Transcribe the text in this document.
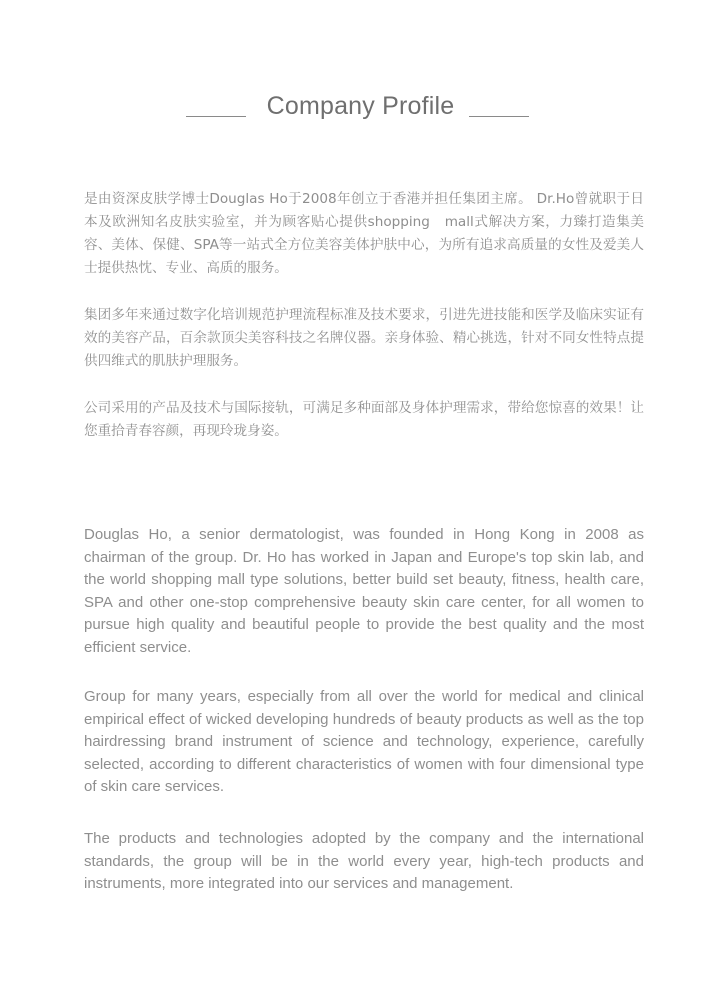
Company Profile

是由资深皮肤学博士Douglas Ho于2008年创立于香港并担任集团主席。 Dr.Ho曾就职于日本及欧洲知名皮肤实验室，并为顾客贴心提供shopping　mall式解决方案，力臻打造集美容、美体、保健、SPA等一站式全方位美容美体护肤中心，为所有追求高质量的女性及爱美人士提供热忱、专业、高质的服务。

集团多年来通过数字化培训规范护理流程标准及技术要求，引进先进技能和医学及临床实证有效的美容产品，百余款顶尖美容科技之名牌仪器。亲身体验、精心挑选，针对不同女性特点提供四维式的肌肤护理服务。

公司采用的产品及技术与国际接轨，可满足多种面部及身体护理需求，带给您惊喜的效果！让您重拾青春容颜，再现玲珑身姿。

Douglas Ho, a senior dermatologist, was founded in Hong Kong in 2008 as chairman of the group. Dr. Ho has worked in Japan and Europe's top skin lab, and the world shopping mall type solutions, better build set beauty, fitness, health care, SPA and other one-stop comprehensive beauty skin care center, for all women to pursue high quality and beautiful people to provide the best quality and the most efficient service.

Group for many years, especially from all over the world for medical and clinical empirical effect of wicked developing hundreds of beauty products as well as the top hairdressing brand instrument of science and technology, experience, carefully selected, according to different characteristics of women with four dimensional type of skin care services.

The products and technologies adopted by the company and the international standards, the group will be in the world every year, high-tech products and instruments, more integrated into our services and management.
